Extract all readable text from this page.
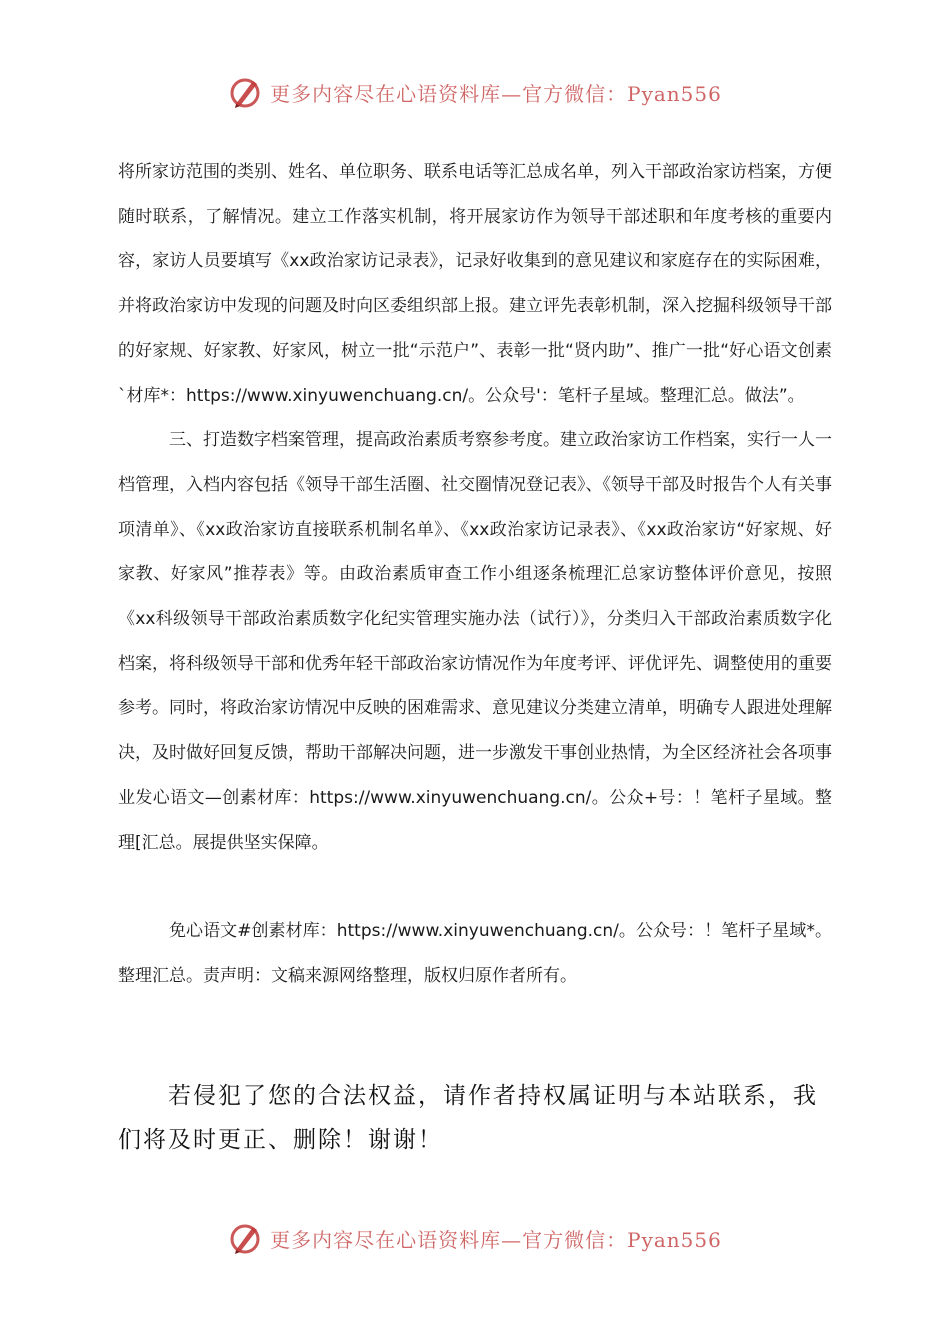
更多内容尽在心语资料库—官方微信：Pyan556

将所家访范围的类别、姓名、单位职务、联系电话等汇总成名单，列入干部政治家访档案，方便随时联系，了解情况。建立工作落实机制，将开展家访作为领导干部述职和年度考核的重要内容，家访人员要填写《xx政治家访记录表》，记录好收集到的意见建议和家庭存在的实际困难，并将政治家访中发现的问题及时向区委组织部上报。建立评先表彰机制，深入挖掘科级领导干部的好家规、好家教、好家风，树立一批“示范户”、表彰一批“贤内助”、推广一批“好心语文创素`材库*：https://www.xinyuwenchuang.cn/。公众号'：笔杆子星域。整理汇总。做法”。

三、打造数字档案管理，提高政治素质考察参考度。建立政治家访工作档案，实行一人一档管理，入档内容包括《领导干部生活圈、社交圈情况登记表》、《领导干部及时报告个人有关事项清单》、《xx政治家访直接联系机制名单》、《xx政治家访记录表》、《xx政治家访“好家规、好家教、好家风”推荐表》等。由政治素质审查工作小组逐条梳理汇总家访整体评价意见，按照《xx科级领导干部政治素质数字化纪实管理实施办法（试行）》，分类归入干部政治素质数字化档案，将科级领导干部和优秀年轻干部政治家访情况作为年度考评、评优评先、调整使用的重要参考。同时，将政治家访情况中反映的困难需求、意见建议分类建立清单，明确专人跟进处理解决，及时做好回复反馈，帮助干部解决问题，进一步激发干事创业热情，为全区经济社会各项事业发心语文—创素材库：https://www.xinyuwenchuang.cn/。公众+号：！笔杆子星域。整理[汇总。展提供坚实保障。

免心语文#创素材库：https://www.xinyuwenchuang.cn/。公众号：！笔杆子星域*。整理汇总。责声明：文稿来源网络整理，版权归原作者所有。

若侵犯了您的合法权益，请作者持权属证明与本站联系，我们将及时更正、删除！谢谢！

更多内容尽在心语资料库—官方微信：Pyan556
